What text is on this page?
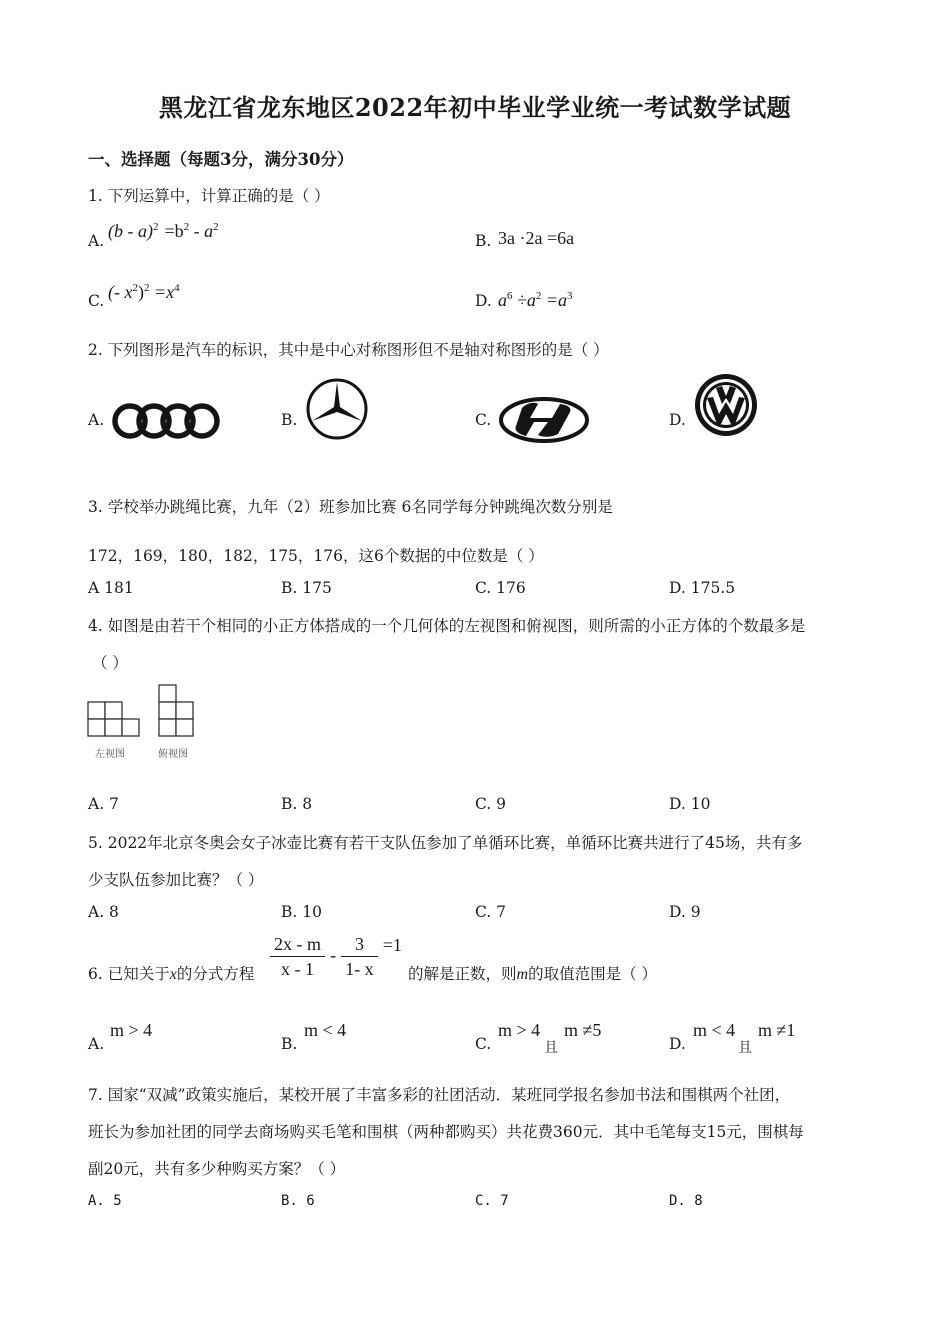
黑龙江省龙东地区2022年初中毕业学业统一考试数学试题
一、选择题（每题3分，满分30分）
1. 下列运算中，计算正确的是（ ）
A. $(b - a)^2 =b^2 - a^2$
B. 3a ·2a =6a
C. (- $x^2)^2 =x^4$
D. $a^6 \div a^2 =a^3$
2. 下列图形是汽车的标识，其中是中心对称图形但不是轴对称图形的是（ ）
A.	B.	C.	D.
3. 学校举办跳绳比赛，九年（2）班参加比赛 6名同学每分钟跳绳次数分别是
172，169，180，182，175，176，这6个数据的中位数是（ ）
A 181	B. 175	C. 176	D. 175.5
4. 如图是由若干个相同的小正方体搭成的一个几何体的左视图和俯视图，则所需的小正方体的个数最多是
（ ）
左视图	俯视图
A. 7	B. 8	C. 9	D. 10
5. 2022年北京冬奥会女子冰壶比赛有若干支队伍参加了单循环比赛，单循环比赛共进行了45场，共有多
少支队伍参加比赛？（ ）
A. 8	B. 10	C. 7	D. 9
6. 已知关于x的分式方程 $\frac{2x - m}{x - 1} - \frac{3}{1- x} =1$
的解是正数，则m的取值范围是（ ）
A.
m > 4
B.
m < 4
C.
m > 4
且
m ≠5
D.
m < 4
且
m ≠1
7. 国家“双减”政策实施后，某校开展了丰富多彩的社团活动．某班同学报名参加书法和围棋两个社团，
班长为参加社团的同学去商场购买毛笔和围棋（两种都购买）共花费360元．其中毛笔每支15元，围棋每
副20元，共有多少种购买方案？（ ）
A. 5	B. 6	C. 7	D. 8
